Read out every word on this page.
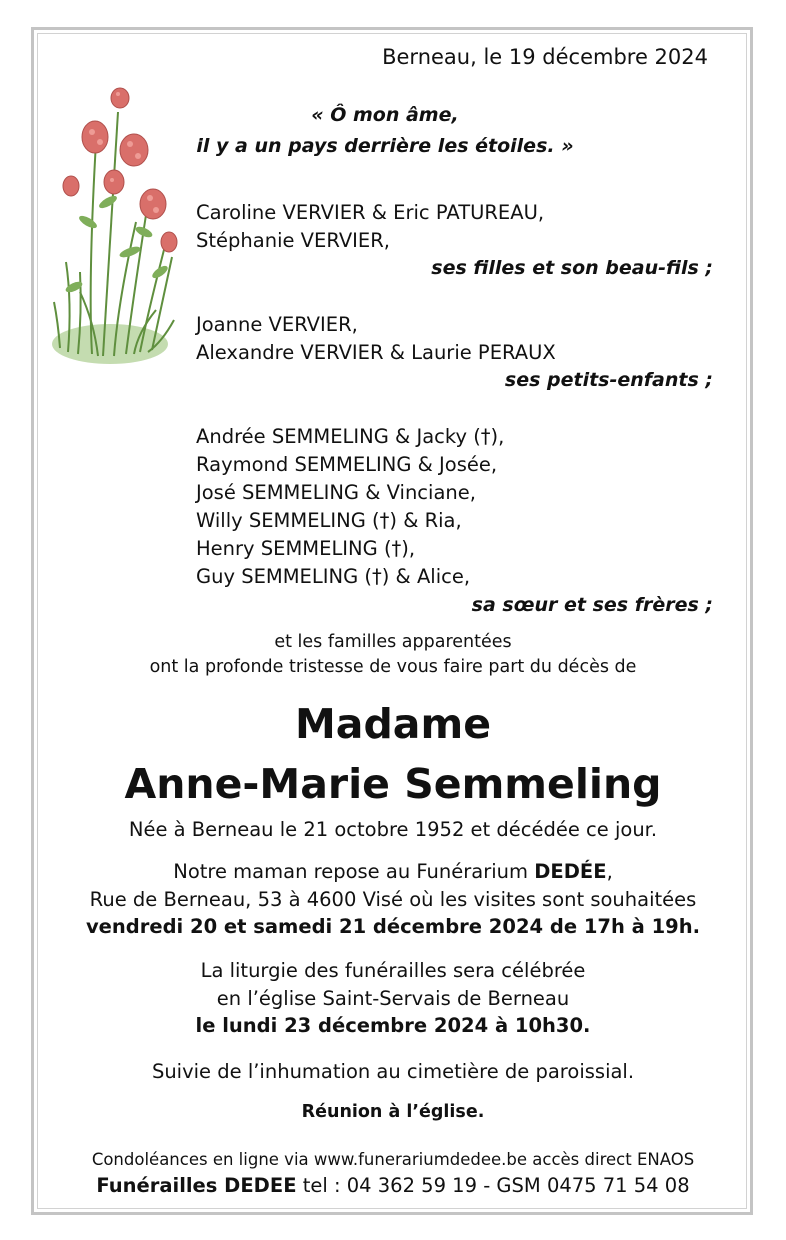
Berneau, le 19 décembre 2024
« Ô mon âme,
il y a un pays derrière les étoiles. »
Caroline VERVIER & Eric PATUREAU,
Stéphanie VERVIER,
ses filles et son beau-fils ;
Joanne VERVIER,
Alexandre VERVIER & Laurie PERAUX
ses petits-enfants ;
Andrée SEMMELING & Jacky (†),
Raymond SEMMELING & Josée,
José SEMMELING & Vinciane,
Willy SEMMELING (†) & Ria,
Henry SEMMELING (†),
Guy SEMMELING (†) & Alice,
sa sœur et ses frères ;
et les familles apparentées
ont la profonde tristesse de vous faire part du décès de
Madame
Anne-Marie Semmeling
Née à Berneau le 21 octobre 1952 et décédée ce jour.
Notre maman repose au Funérarium DEDÉE,
Rue de Berneau, 53 à 4600 Visé où les visites sont souhaitées
vendredi 20 et samedi 21 décembre 2024 de 17h à 19h.
La liturgie des funérailles sera célébrée
en l’église Saint-Servais de Berneau
le lundi 23 décembre 2024 à 10h30.
Suivie de l’inhumation au cimetière de paroissial.
Réunion à l’église.
Condoléances en ligne via www.funerariumdedee.be accès direct ENAOS
Funérailles DEDEE tel : 04 362 59 19 - GSM 0475 71 54 08
